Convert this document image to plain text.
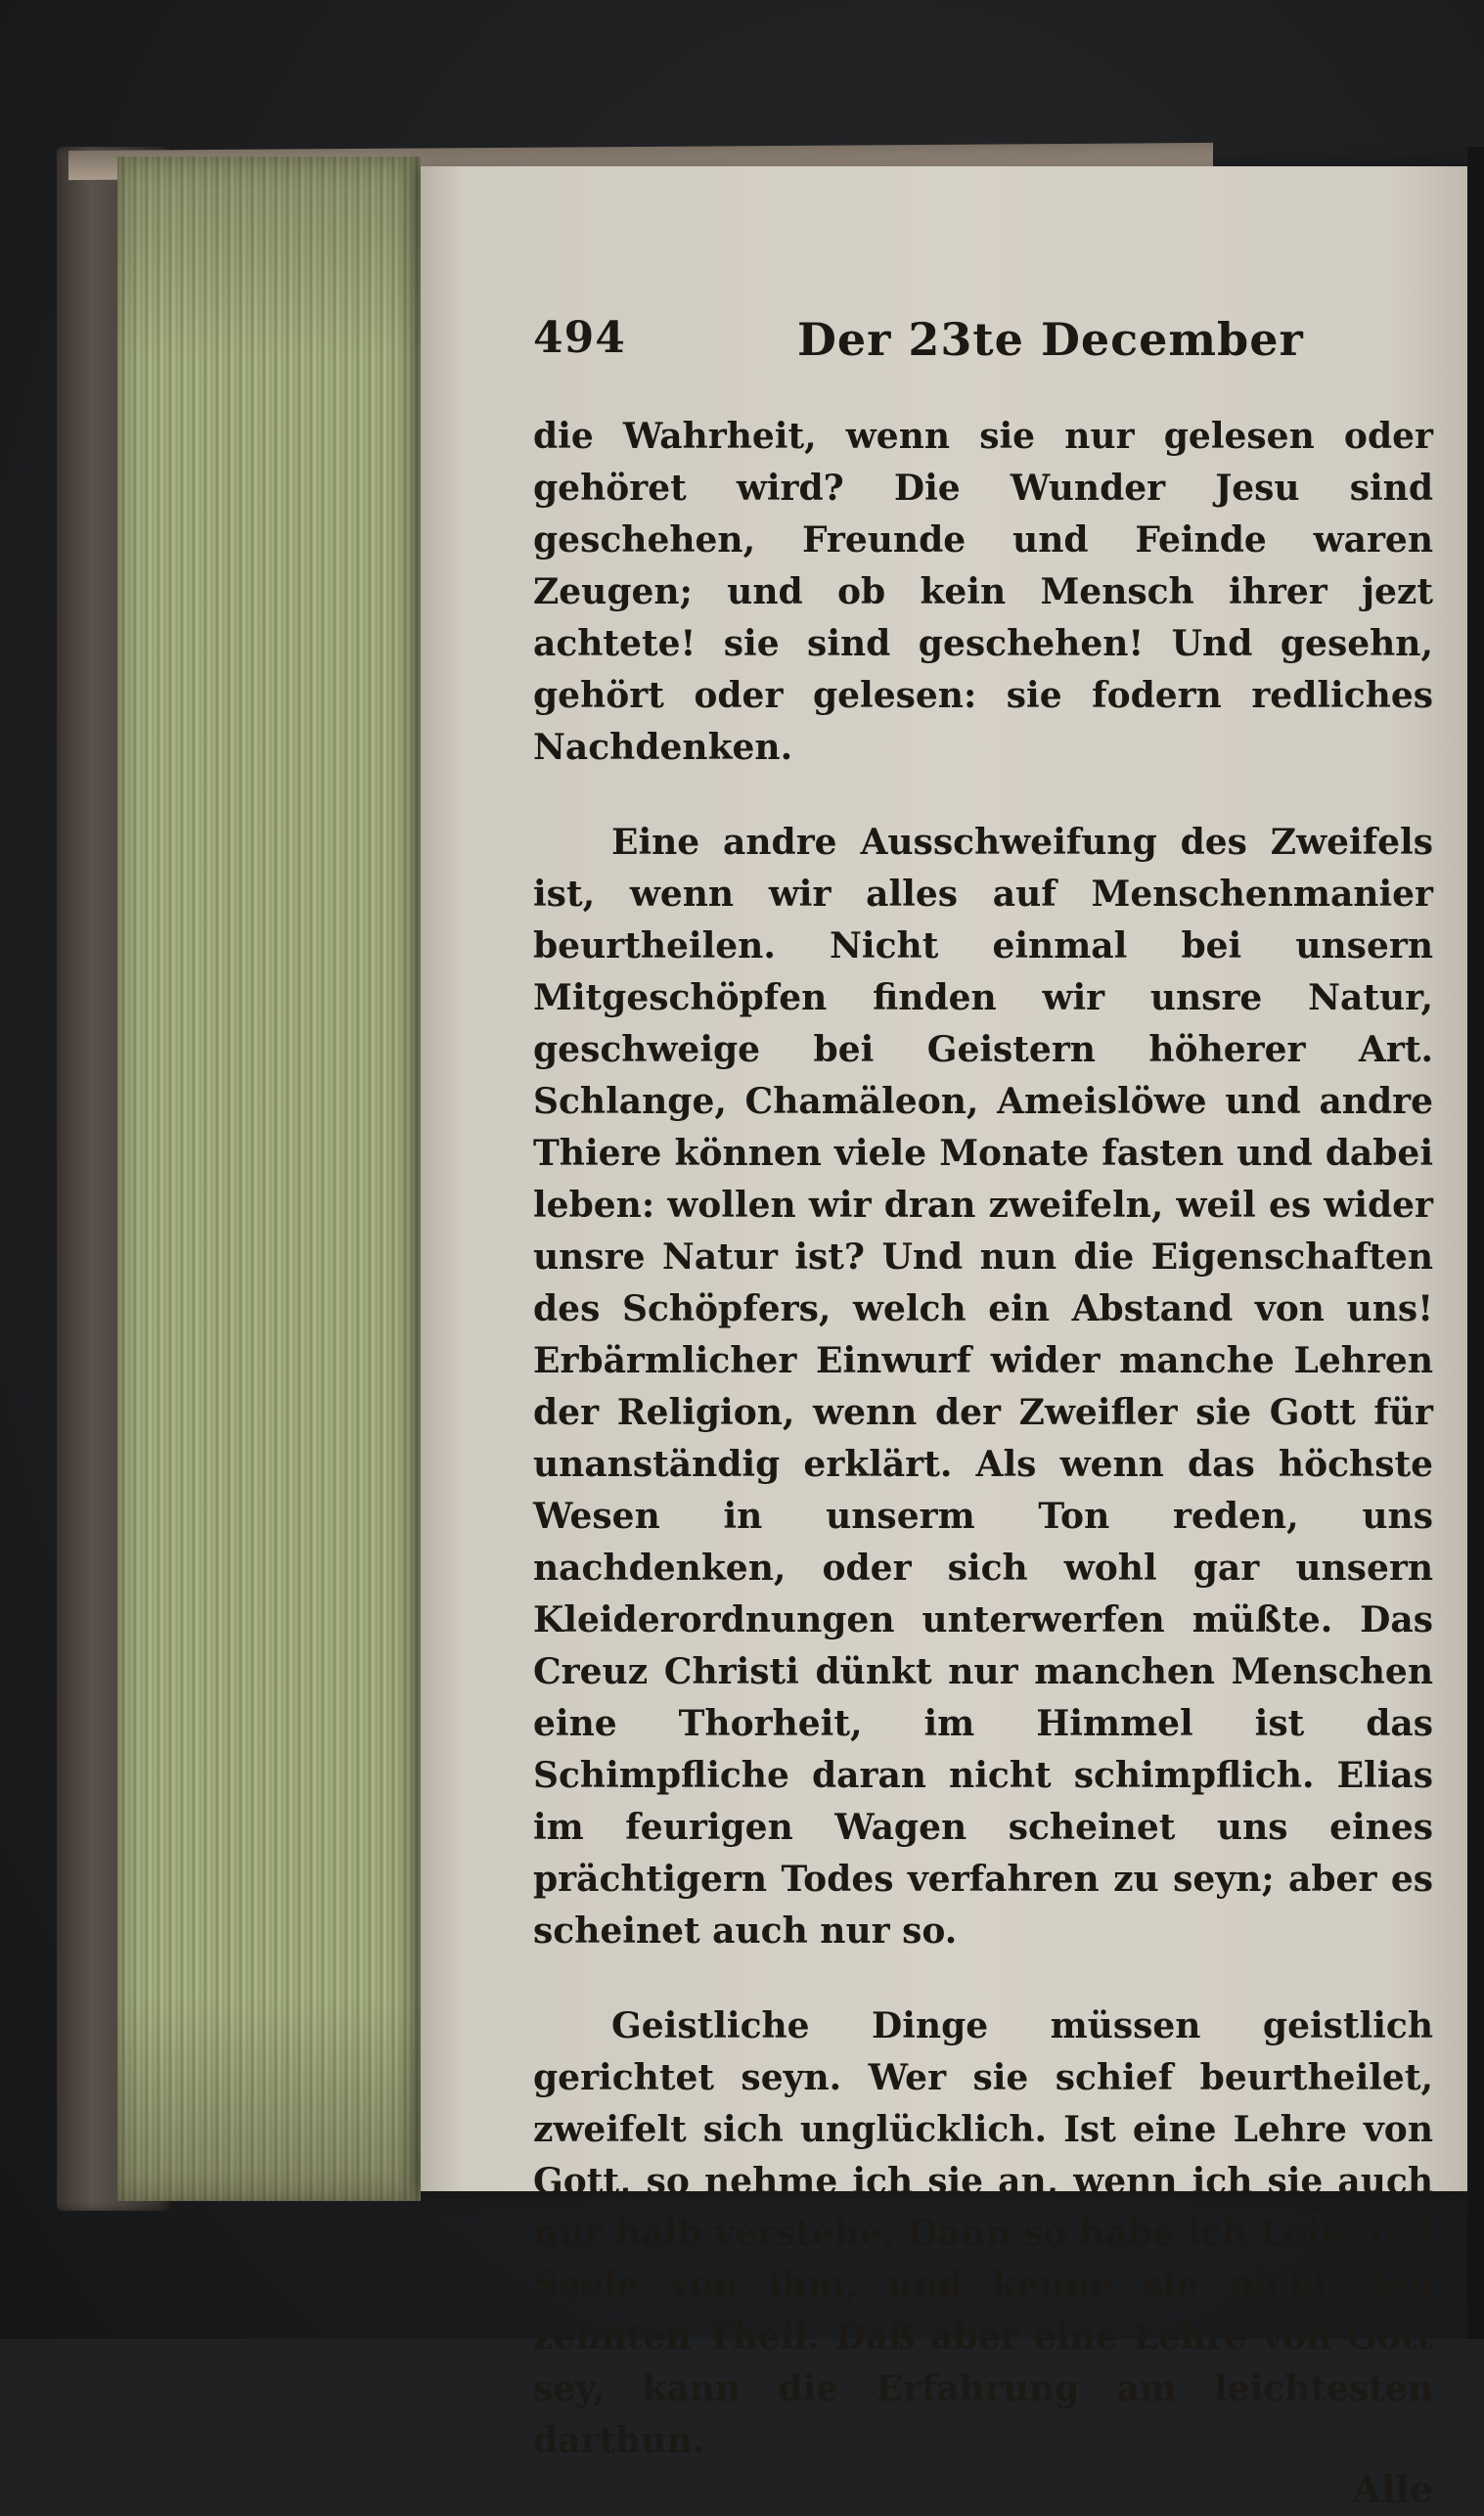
494	Der 23te December

die Wahrheit, wenn sie nur gelesen oder gehöret wird? Die Wunder Jesu sind geschehen, Freunde und Feinde waren Zeugen; und ob kein Mensch ihrer jezt achtete! sie sind geschehen! Und gesehn, gehört oder gelesen: sie fodern redliches Nachdenken.

Eine andre Ausschweifung des Zweifels ist, wenn wir alles auf Menschenmanier beurtheilen. Nicht einmal bei unsern Mitgeschöpfen finden wir unsre Natur, geschweige bei Geistern höherer Art. Schlange, Chamäleon, Ameislöwe und andre Thiere können viele Monate fasten und dabei leben: wollen wir dran zweifeln, weil es wider unsre Natur ist? Und nun die Eigenschaften des Schöpfers, welch ein Abstand von uns! Erbärmlicher Einwurf wider manche Lehren der Religion, wenn der Zweifler sie Gott für unanständig erklärt. Als wenn das höchste Wesen in unserm Ton reden, uns nachdenken, oder sich wohl gar unsern Kleiderordnungen unterwerfen müßte. Das Creuz Christi dünkt nur manchen Menschen eine Thorheit, im Himmel ist das Schimpfliche daran nicht schimpflich. Elias im feurigen Wagen scheinet uns eines prächtigern Todes verfahren zu seyn; aber es scheinet auch nur so.

Geistliche Dinge müssen geistlich gerichtet seyn. Wer sie schief beurtheilet, zweifelt sich unglücklich. Ist eine Lehre von Gott, so nehme ich sie an, wenn ich sie auch nur halb verstehe. Dann so habe ich Leib und Seele von ihm, und kenne sie nicht den zehnten Theil. Daß aber eine Lehre von Gott sey, kann die Erfahrung am leichtesten darthun.

Alle
